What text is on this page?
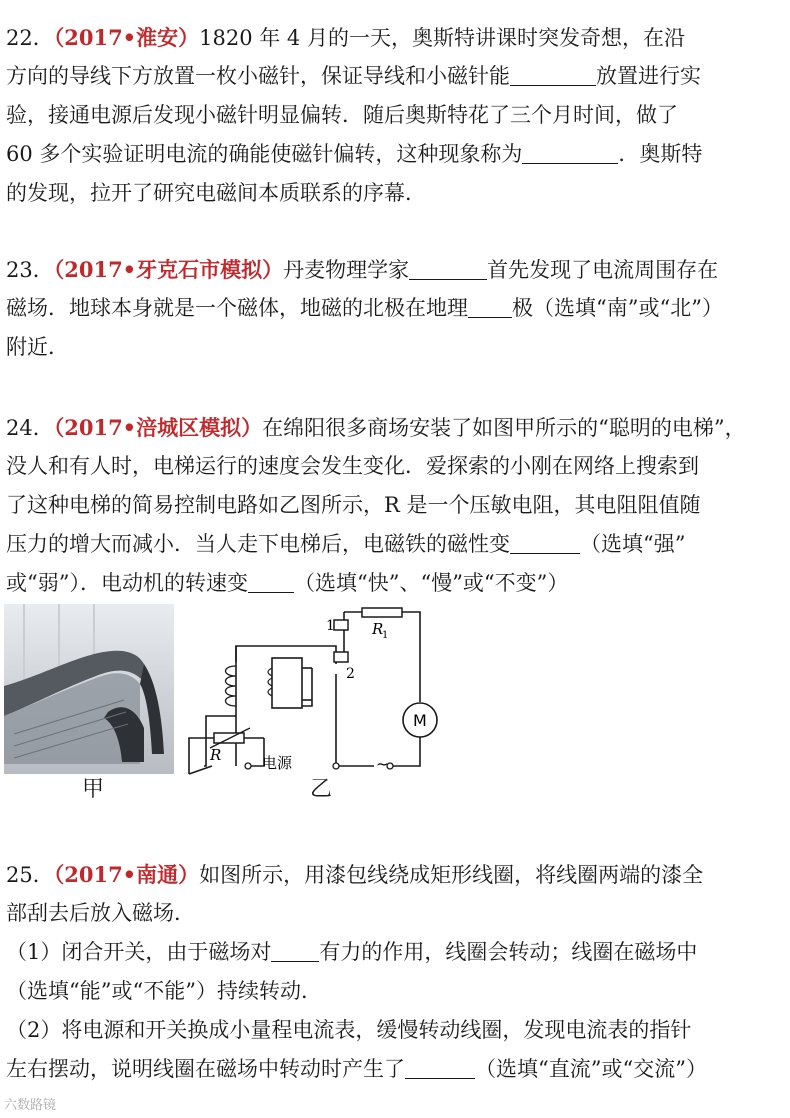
22．（2017•淮安）1820 年 4 月的一天，奥斯特讲课时突发奇想，在沿
方向的导线下方放置一枚小磁针，保证导线和小磁针能	放置进行实
验，接通电源后发现小磁针明显偏转．随后奥斯特花了三个月时间，做了
60 多个实验证明电流的确能使磁针偏转，这种现象称为	．奥斯特
的发现，拉开了研究电磁间本质联系的序幕．
23．（2017•牙克石市模拟）丹麦物理学家	首先发现了电流周围存在
磁场．地球本身就是一个磁体，地磁的北极在地理 极（选填“南”或“北”）
附近．
24．（2017•涪城区模拟）在绵阳很多商场安装了如图甲所示的“聪明的电梯”，
没人和有人时，电梯运行的速度会发生变化．爱探索的小刚在网络上搜索到
了这种电梯的简易控制电路如乙图所示，R 是一个压敏电阻，其电阻阻值随
压力的增大而减小．当人走下电梯后，电磁铁的磁性变	（选填“强”
或“弱”）．电动机的转速变 （选填“快”、“慢”或“不变”）
甲
1
2
R
1
M
R	电源	~
乙
25．（2017•南通）如图所示，用漆包线绕成矩形线圈，将线圈两端的漆全
部刮去后放入磁场．
（1）闭合开关，由于磁场对 有力的作用，线圈会转动；线圈在磁场中
（选填“能”或“不能”）持续转动．
（2）将电源和开关换成小量程电流表，缓慢转动线圈，发现电流表的指针
左右摆动，说明线圈在磁场中转动时产生了	（选填“直流”或“交流”）
六数路镜
